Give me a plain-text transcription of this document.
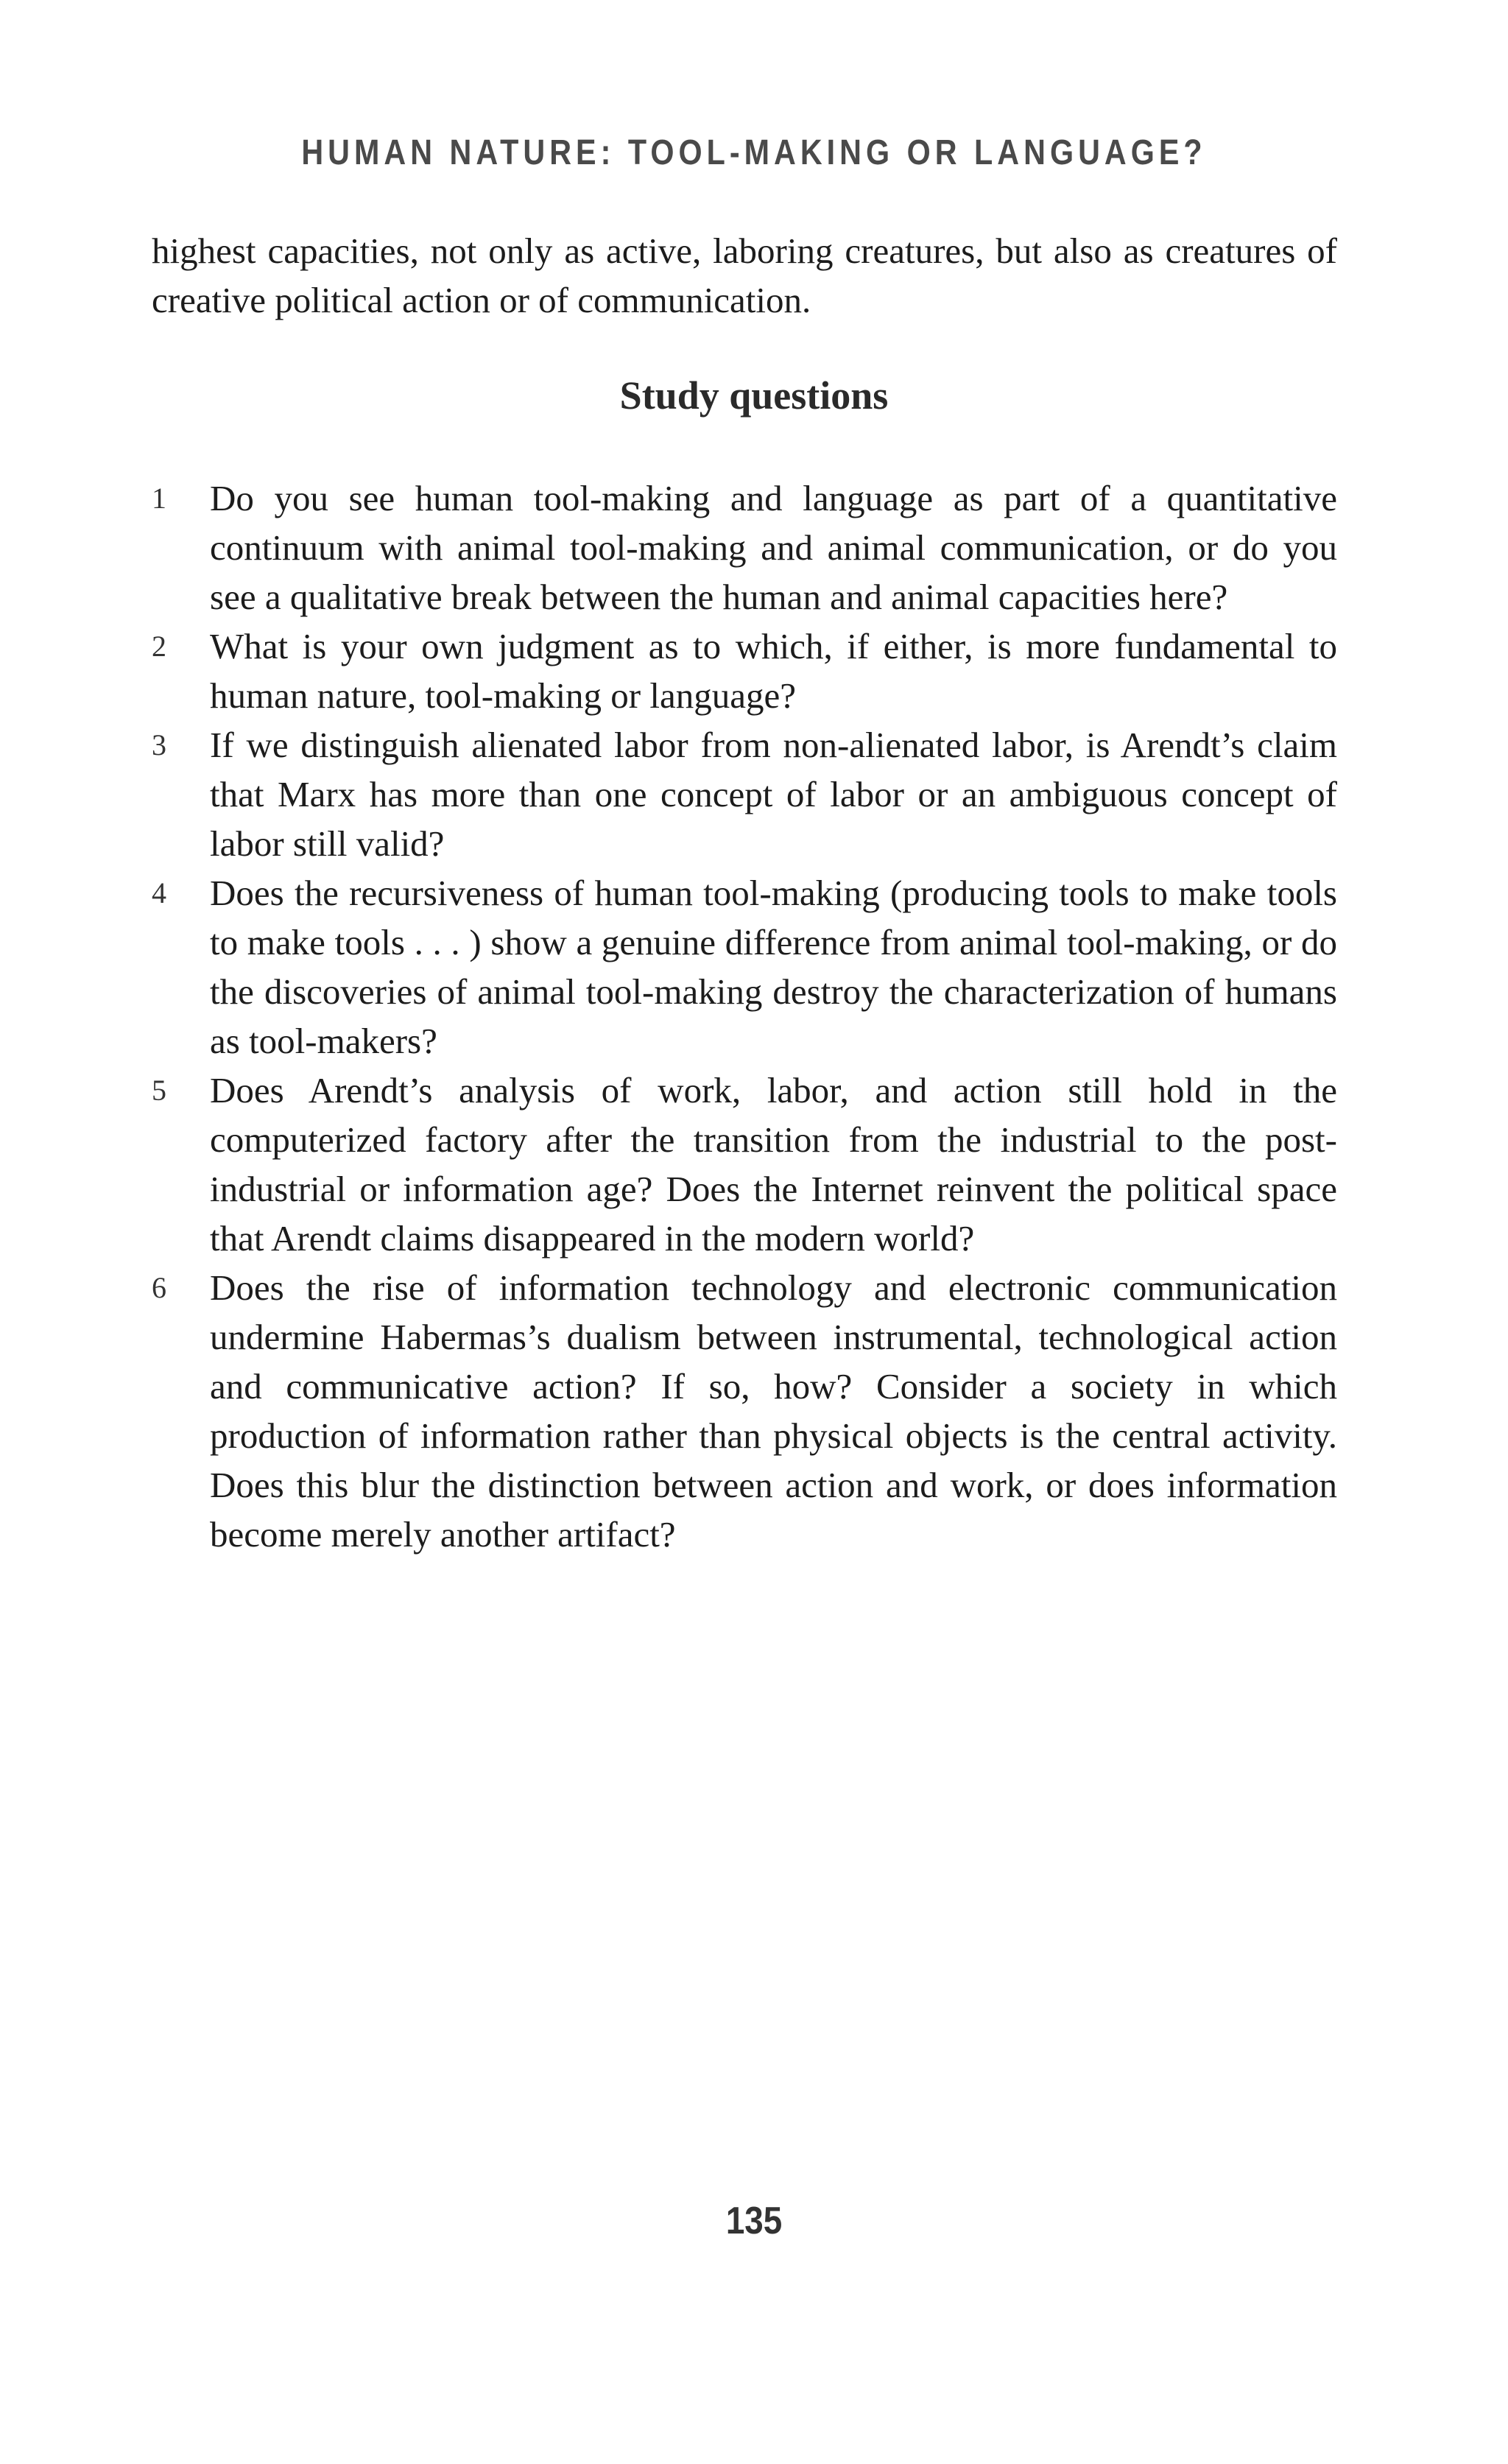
HUMAN NATURE: TOOL-MAKING OR LANGUAGE?

highest capacities, not only as active, laboring creatures, but also as creatures of creative political action or of communication.

Study questions
1 Do you see human tool-making and language as part of a quantitative continuum with animal tool-making and animal communication, or do you see a qualitative break between the human and animal capacities here?
2 What is your own judgment as to which, if either, is more fundamental to human nature, tool-making or language?
3 If we distinguish alienated labor from non-alienated labor, is Arendt’s claim that Marx has more than one concept of labor or an ambiguous concept of labor still valid?
4 Does the recursiveness of human tool-making (producing tools to make tools to make tools . . . ) show a genuine difference from animal tool-making, or do the discoveries of animal tool-making destroy the characterization of humans as tool-makers?
5 Does Arendt’s analysis of work, labor, and action still hold in the computerized factory after the transition from the industrial to the post-industrial or information age? Does the Internet reinvent the political space that Arendt claims disappeared in the modern world?
6 Does the rise of information technology and electronic communication undermine Habermas’s dualism between instrumental, technological action and communicative action? If so, how? Consider a society in which production of information rather than physical objects is the central activity. Does this blur the distinction between action and work, or does information become merely another artifact?
135
